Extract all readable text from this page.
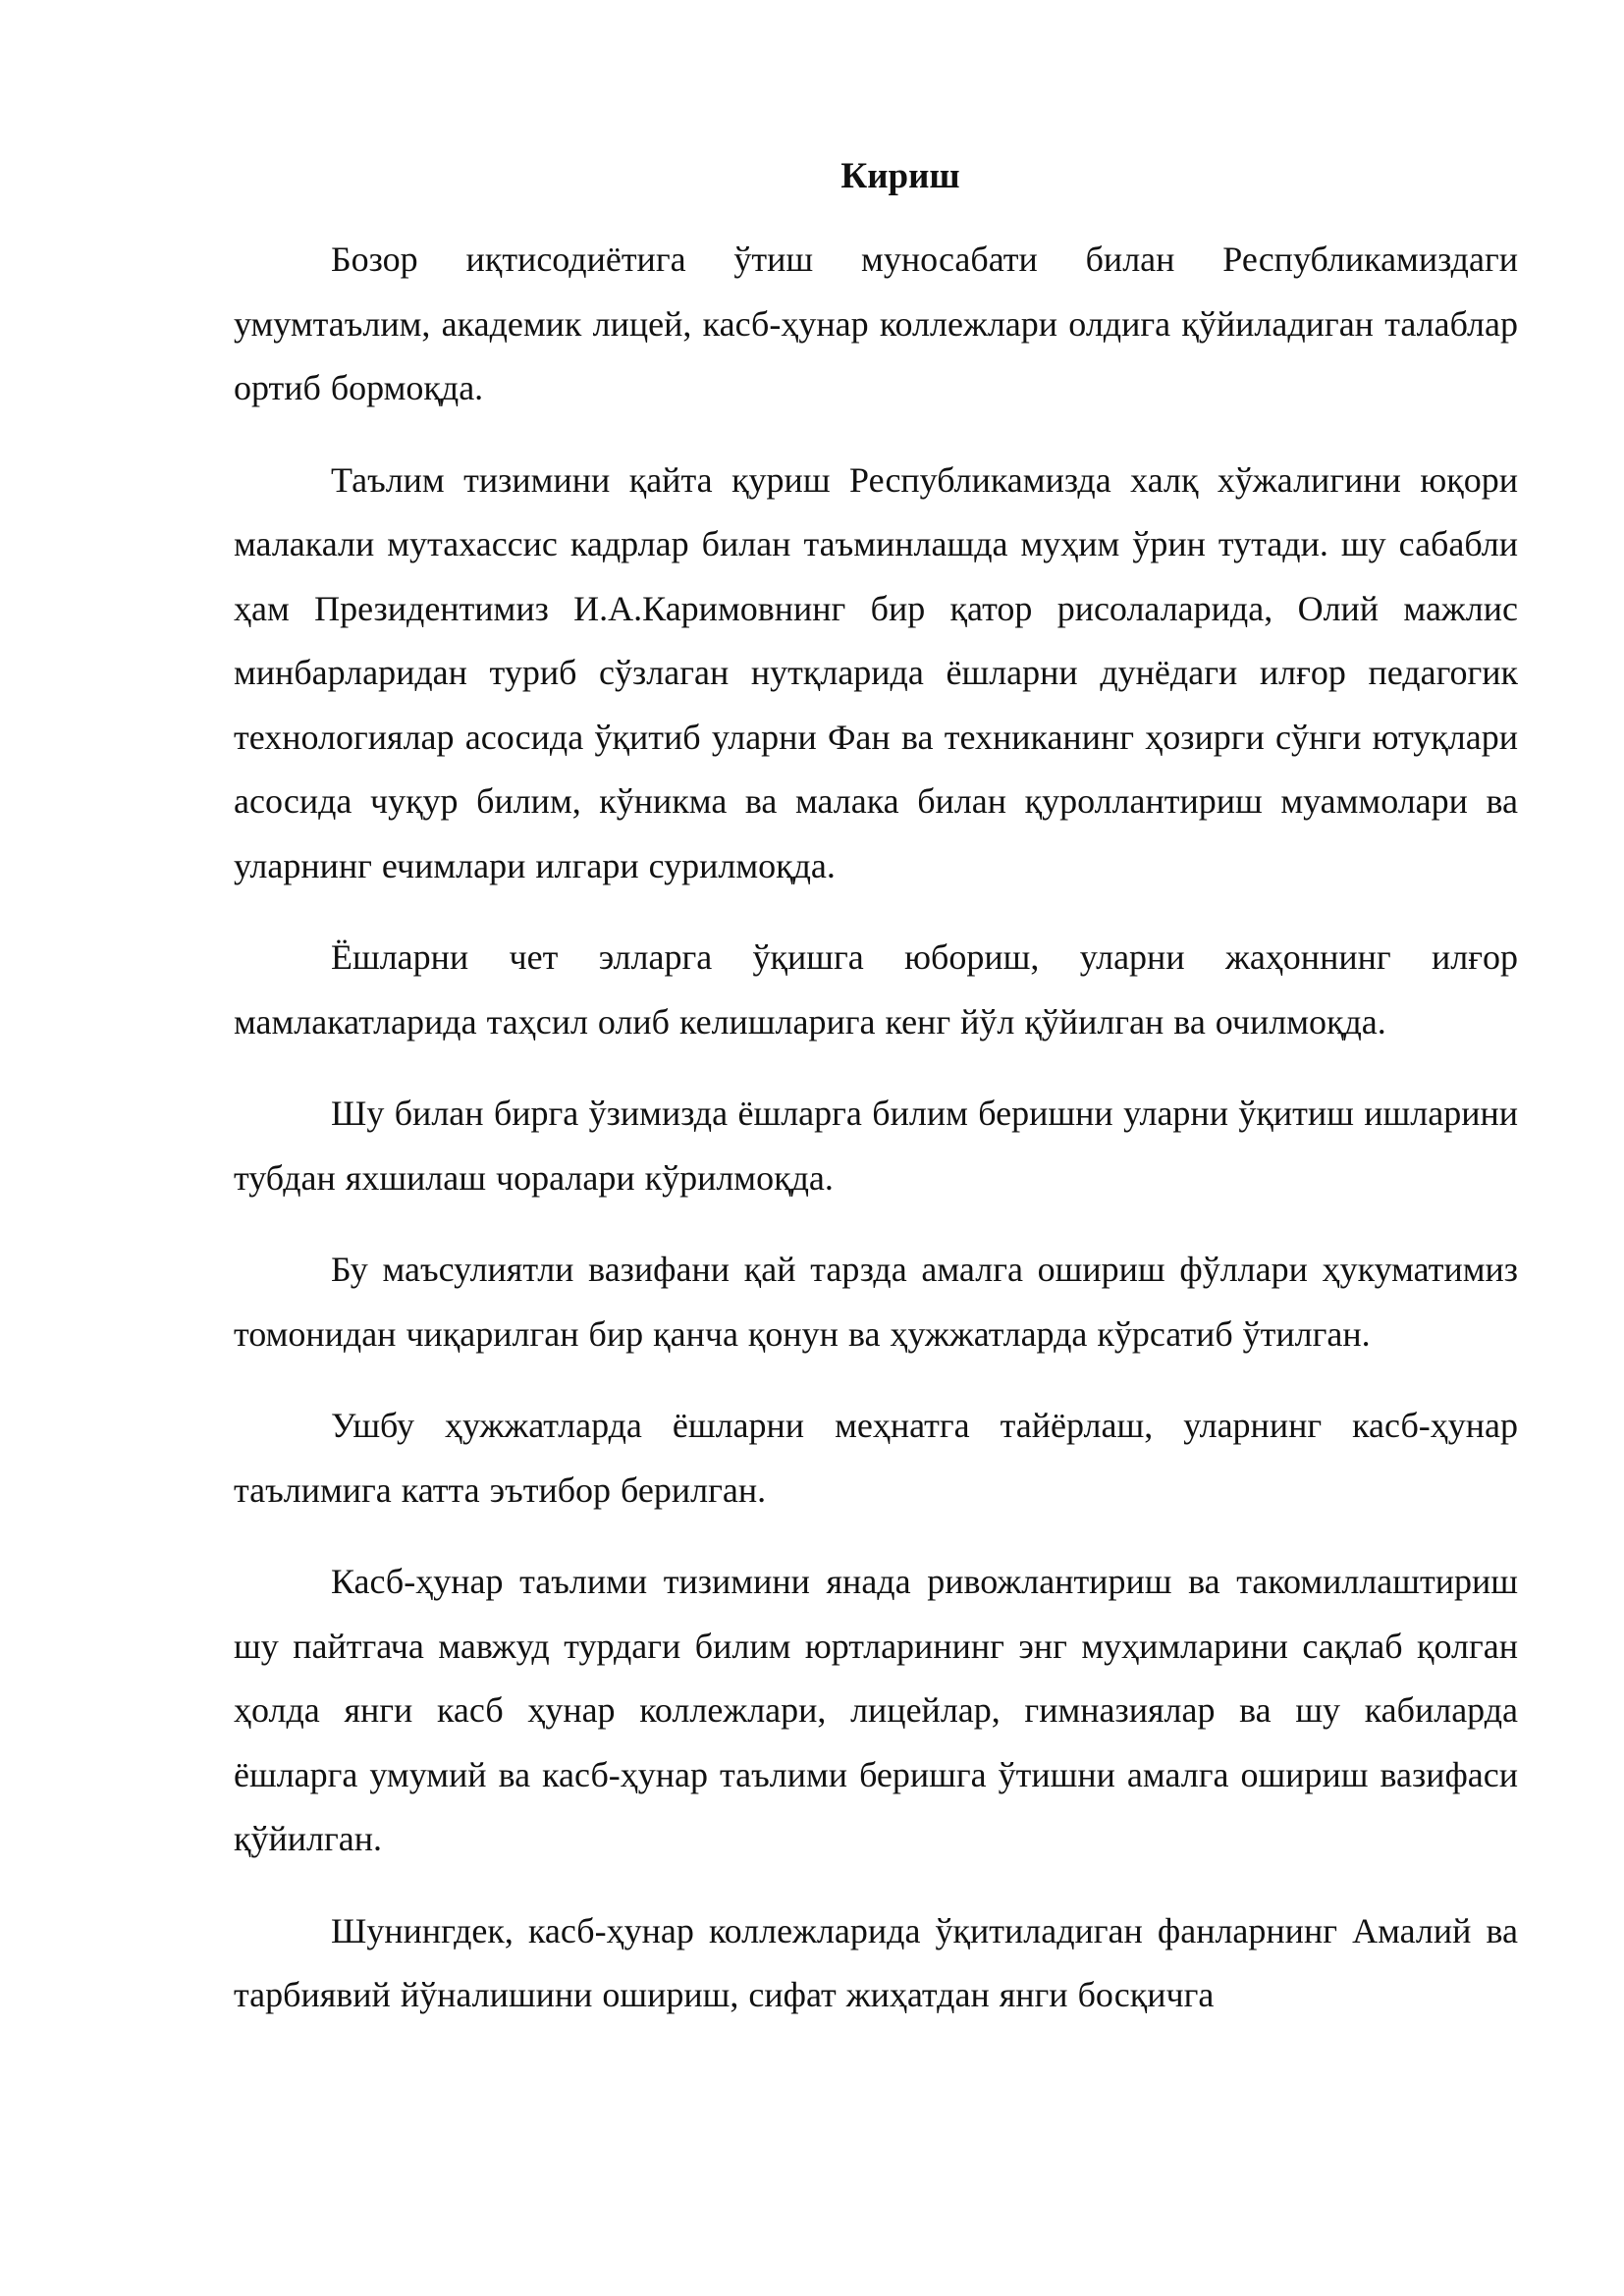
Кириш

Бозор иқтисодиётига ўтиш муносабати билан Республикамиздаги умумтаълим, академик лицей, касб-ҳунар коллежлари олдига қўйиладиган талаблар ортиб бормоқда.

Таълим тизимини қайта қуриш Республикамизда халқ хўжалигини юқори малакали мутахассис кадрлар билан таъминлашда муҳим ўрин тутади. шу сабабли ҳам Президентимиз И.А.Каримовнинг бир қатор рисолаларида, Олий мажлис минбарларидан туриб сўзлаган нутқларида ёшларни дунёдаги илғор педагогик технологиялар асосида ўқитиб уларни Фан ва техниканинг ҳозирги сўнги ютуқлари асосида чуқур билим, кўникма ва малака билан қуроллантириш муаммолари ва уларнинг ечимлари илгари сурилмоқда.

Ёшларни чет элларга ўқишга юбориш, уларни жаҳоннинг илғор мамлакатларида таҳсил олиб келишларига кенг йўл қўйилган ва очилмоқда.

Шу билан бирга ўзимизда ёшларга билим беришни уларни ўқитиш ишларини тубдан яхшилаш чоралари кўрилмоқда.

Бу маъсулиятли вазифани қай тарзда амалга ошириш фўллари ҳукуматимиз томонидан чиқарилган бир қанча қонун ва ҳужжатларда кўрсатиб ўтилган.

Ушбу ҳужжатларда ёшларни меҳнатга тайёрлаш, уларнинг касб-ҳунар таълимига катта эътибор берилган.

Касб-ҳунар таълими тизимини янада ривожлантириш ва такомиллаштириш шу пайтгача мавжуд турдаги билим юртларининг энг муҳимларини сақлаб қолган ҳолда янги касб ҳунар коллежлари, лицейлар, гимназиялар ва шу кабиларда ёшларга умумий ва касб-ҳунар таълими беришга ўтишни амалга ошириш вазифаси қўйилган.

Шунингдек, касб-ҳунар коллежларида ўқитиладиган фанларнинг Амалий ва тарбиявий йўналишини ошириш, сифат жиҳатдан янги босқичга
